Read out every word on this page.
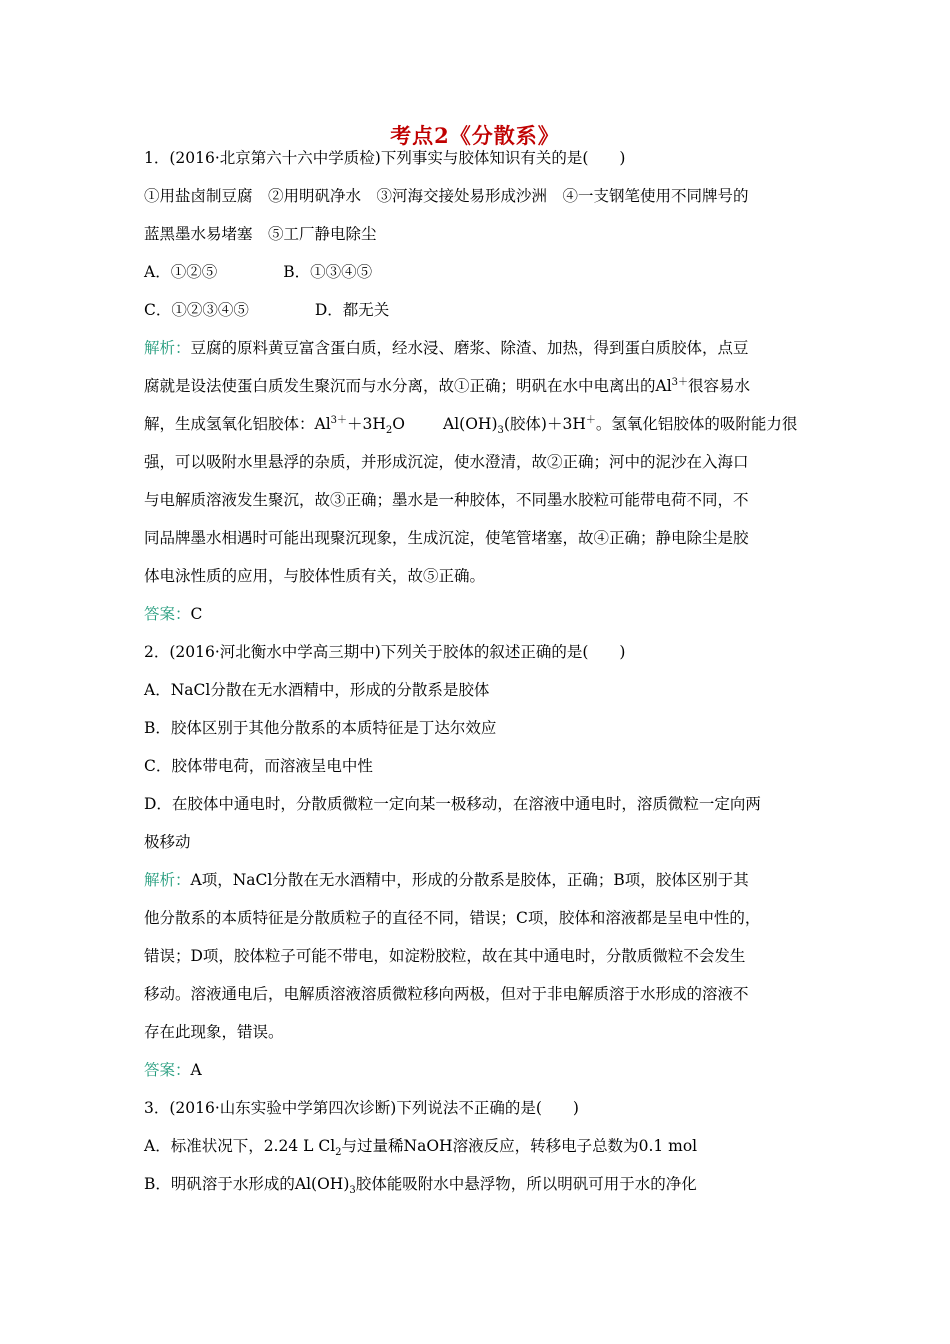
考点2《分散系》
1．(2016·北京第六十六中学质检)下列事实与胶体知识有关的是(　　)
①用盐卤制豆腐　②用明矾净水　③河海交接处易形成沙洲　④一支钢笔使用不同牌号的
蓝黑墨水易堵塞　⑤工厂静电除尘
A．①②⑤	B．①③④⑤
C．①②③④⑤	D．都无关
解析：豆腐的原料黄豆富含蛋白质，经水浸、磨浆、除渣、加热，得到蛋白质胶体，点豆
腐就是设法使蛋白质发生聚沉而与水分离，故①正确；明矾在水中电离出的$Al^{3+}$很容易水
解，生成氢氧化铝胶体：$Al^{3+}+3H_2O$ $Al(OH)_3$(胶体)＋3H＋。氢氧化铝胶体的吸附能力很
强，可以吸附水里悬浮的杂质，并形成沉淀，使水澄清，故②正确；河中的泥沙在入海口
与电解质溶液发生聚沉，故③正确；墨水是一种胶体，不同墨水胶粒可能带电荷不同，不
同品牌墨水相遇时可能出现聚沉现象，生成沉淀，使笔管堵塞，故④正确；静电除尘是胶
体电泳性质的应用，与胶体性质有关，故⑤正确。
答案：C
2．(2016·河北衡水中学高三期中)下列关于胶体的叙述正确的是(　　)
A．NaCl分散在无水酒精中，形成的分散系是胶体
B．胶体区别于其他分散系的本质特征是丁达尔效应
C．胶体带电荷，而溶液呈电中性
D．在胶体中通电时，分散质微粒一定向某一极移动，在溶液中通电时，溶质微粒一定向两
极移动
解析：A项，NaCl分散在无水酒精中，形成的分散系是胶体，正确；B项，胶体区别于其
他分散系的本质特征是分散质粒子的直径不同，错误；C项，胶体和溶液都是呈电中性的，
错误；D项，胶体粒子可能不带电，如淀粉胶粒，故在其中通电时，分散质微粒不会发生
移动。溶液通电后，电解质溶液溶质微粒移向两极，但对于非电解质溶于水形成的溶液不
存在此现象，错误。
答案：A
3．(2016·山东实验中学第四次诊断)下列说法不正确的是(　　)
A．标准状况下，2.24 L $Cl_2$与过量稀NaOH溶液反应，转移电子总数为0.1 mol
B．明矾溶于水形成的$Al(OH)_3$胶体能吸附水中悬浮物，所以明矾可用于水的净化
